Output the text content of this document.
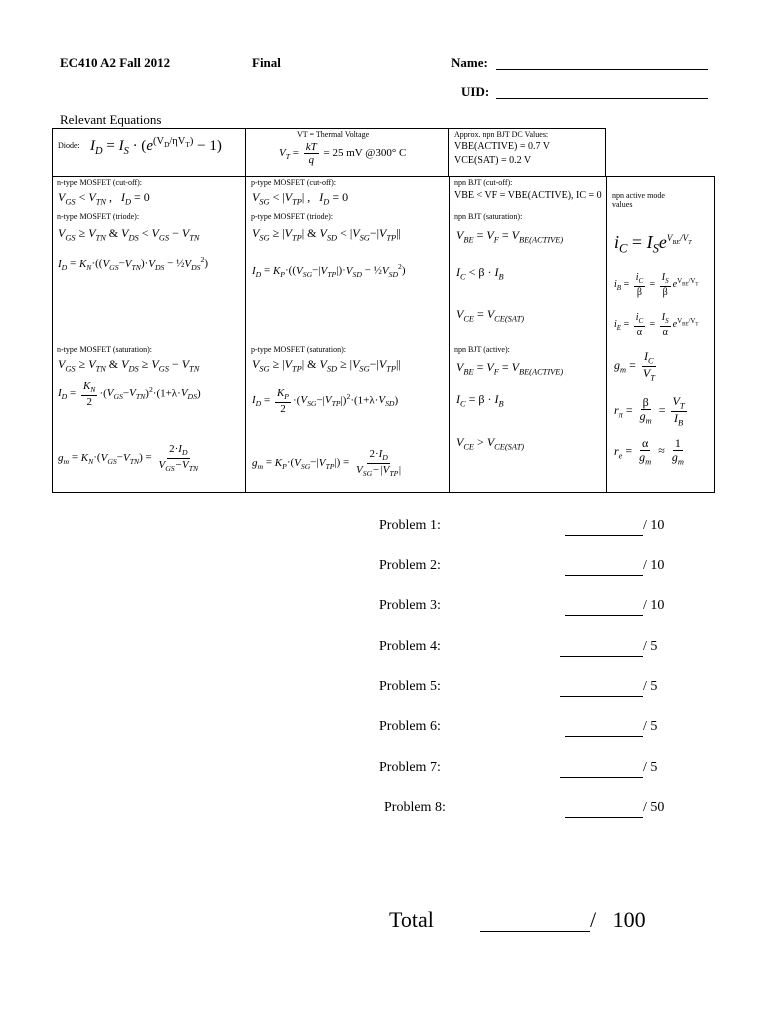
EC410 A2 Fall 2012	Final	Name:
UID:
Relevant Equations
Diode: $I_D = I_S \cdot (e^{(V_D/\eta V_T)} - 1)$
VT = Thermal Voltage
$V_T = \frac{kT}{q} = 25$ mV @300° C
Approx. npn BJT DC Values:
VBE(ACTIVE) = 0.7 V
VCE(SAT) = 0.2 V
n-type MOSFET (cut-off):
$V_{GS} < V_{TN}$ ,   $I_D = 0$
n-type MOSFET (triode):
$V_{GS} \ge V_{TN}$ & $V_{DS} < V_{GS} - V_{TN}$
$I_D = K_N\cdot((V_{GS}-V_{TN})\cdot V_{DS}$ − $\frac{1}{2}V_{DS}^2$)
n-type MOSFET (saturation):
$V_{GS} \ge V_{TN}$ & $V_{DS} \ge V_{GS} - V_{TN}$
$I_D = \frac{K_N}{2} \cdot(V_{GS}-V_{TN})^2\cdot(1+\lambda\cdot V_{DS})$
$g_m = K_N\cdot(V_{GS}-V_{TN}) = \frac{2\cdot I_D}{V_{GS}-V_{TN}}$
p-type MOSFET (cut-off):
$V_{SG} < |V_{TP}|$ ,   $I_D = 0$
p-type MOSFET (triode):
$V_{SG} \ge |V_{TP}|$ & $V_{SD} < |V_{SG}-|V_{TP}||$
$I_D = K_P\cdot((V_{SG}-|V_{TP}|)\cdot V_{SD}$ − $\frac{1}{2}V_{SD}^2$)
p-type MOSFET (saturation):
$V_{SG} \ge |V_{TP}|$ & $V_{SD} \ge |V_{SG}-|V_{TP}||$
$I_D = \frac{K_P}{2} \cdot(V_{SG}-|V_{TP}|)^2\cdot(1+\lambda\cdot V_{SD})$
$g_m = K_P\cdot(V_{SG}-|V_{TP}|) = \frac{2\cdot I_D}{V_{SG}-|V_{TP}|}$
npn BJT (cut-off):
VBE < VF = VBE(ACTIVE), IC = 0
npn BJT (saturation):
$V_{BE} = V_F = V_{BE(ACTIVE)}$
$I_C < \beta \cdot I_B$
$V_{CE} = V_{CE(SAT)}$
npn BJT (active):
$V_{BE} = V_F = V_{BE(ACTIVE)}$
$I_C = \beta \cdot I_B$
$V_{CE} > V_{CE(SAT)}$
npn active mode values
$i_C = I_Se^{V_{BE}/V_T}$
$i_B = \frac{i_C}{\beta} = \frac{I_S}{\beta} e^{V_{BE}/V_T}$
$i_E = \frac{i_C}{\alpha} = \frac{I_S}{\alpha} e^{V_{BE}/V_T}$
$g_m = \frac{I_C}{V_T}$
$r_\pi = \frac{\beta}{g_m} = \frac{V_T}{I_B}$
$r_e = \frac{\alpha}{g_m} \approx \frac{1}{g_m}$
Problem 1:	/ 10
Problem 2:	/ 10
Problem 3:	/ 10
Problem 4:	/ 5
Problem 5:	/ 5
Problem 6:	/ 5
Problem 7:	/ 5
Problem 8:	/ 50
Total	/   100
